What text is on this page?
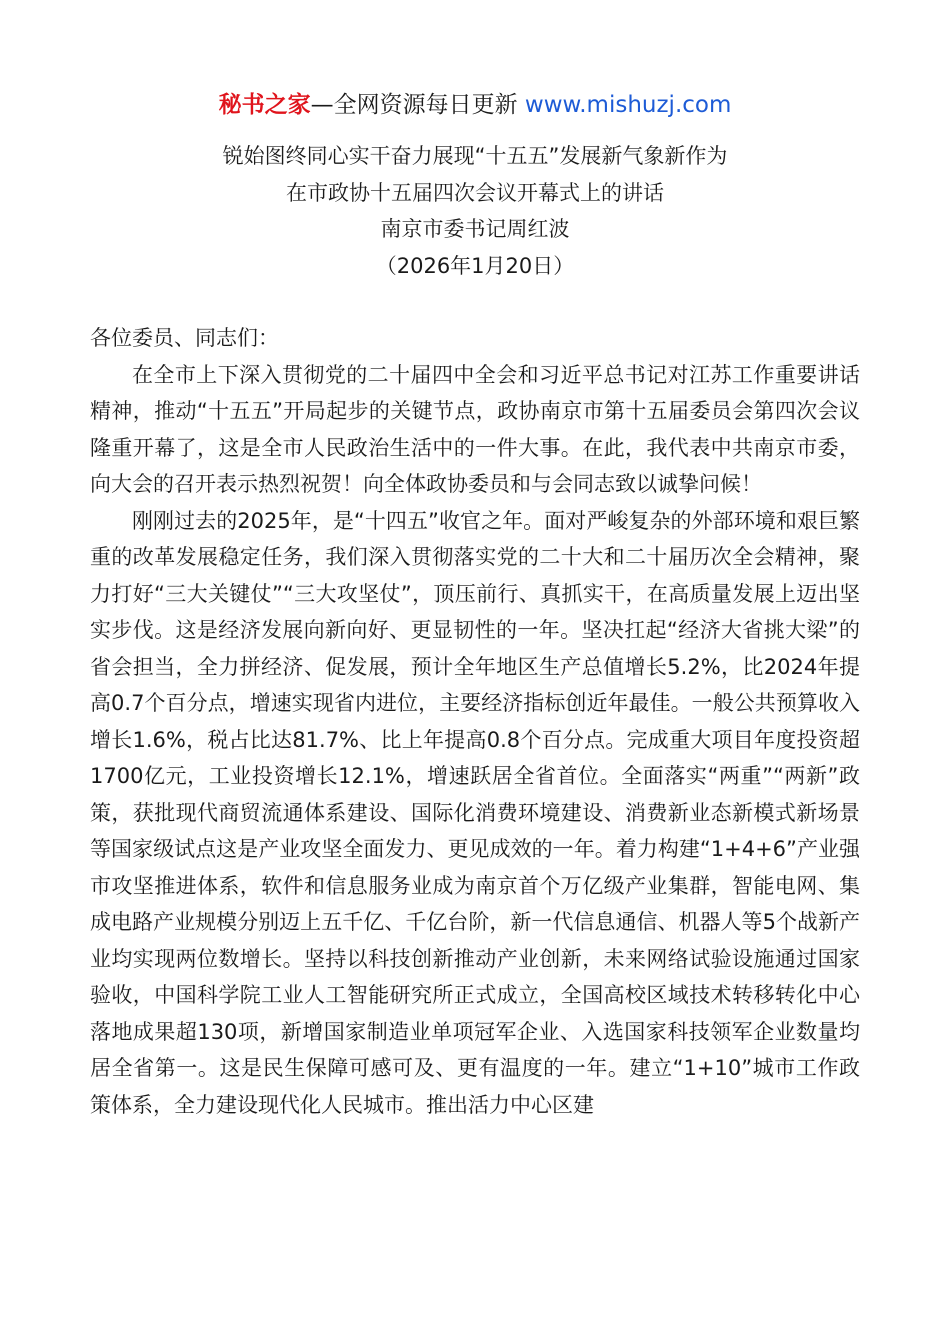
秘书之家—全网资源每日更新 www.mishuzj.com
锐始图终同心实干奋力展现“十五五”发展新气象新作为
在市政协十五届四次会议开幕式上的讲话
南京市委书记周红波
（2026年1月20日）

各位委员、同志们：

在全市上下深入贯彻党的二十届四中全会和习近平总书记对江苏工作重要讲话精神，推动“十五五”开局起步的关键节点，政协南京市第十五届委员会第四次会议隆重开幕了，这是全市人民政治生活中的一件大事。在此，我代表中共南京市委，向大会的召开表示热烈祝贺！向全体政协委员和与会同志致以诚挚问候！

刚刚过去的2025年，是“十四五”收官之年。面对严峻复杂的外部环境和艰巨繁重的改革发展稳定任务，我们深入贯彻落实党的二十大和二十届历次全会精神，聚力打好“三大关键仗”“三大攻坚仗”，顶压前行、真抓实干，在高质量发展上迈出坚实步伐。这是经济发展向新向好、更显韧性的一年。坚决扛起“经济大省挑大梁”的省会担当，全力拼经济、促发展，预计全年地区生产总值增长5.2%，比2024年提高0.7个百分点，增速实现省内进位，主要经济指标创近年最佳。一般公共预算收入增长1.6%，税占比达81.7%、比上年提高0.8个百分点。完成重大项目年度投资超1700亿元，工业投资增长12.1%，增速跃居全省首位。全面落实“两重”“两新”政策，获批现代商贸流通体系建设、国际化消费环境建设、消费新业态新模式新场景等国家级试点这是产业攻坚全面发力、更见成效的一年。着力构建“1+4+6”产业强市攻坚推进体系，软件和信息服务业成为南京首个万亿级产业集群，智能电网、集成电路产业规模分别迈上五千亿、千亿台阶，新一代信息通信、机器人等5个战新产业均实现两位数增长。坚持以科技创新推动产业创新，未来网络试验设施通过国家验收，中国科学院工业人工智能研究所正式成立，全国高校区域技术转移转化中心落地成果超130项，新增国家制造业单项冠军企业、入选国家科技领军企业数量均居全省第一。这是民生保障可感可及、更有温度的一年。建立“1+10”城市工作政策体系，全力建设现代化人民城市。推出活力中心区建
